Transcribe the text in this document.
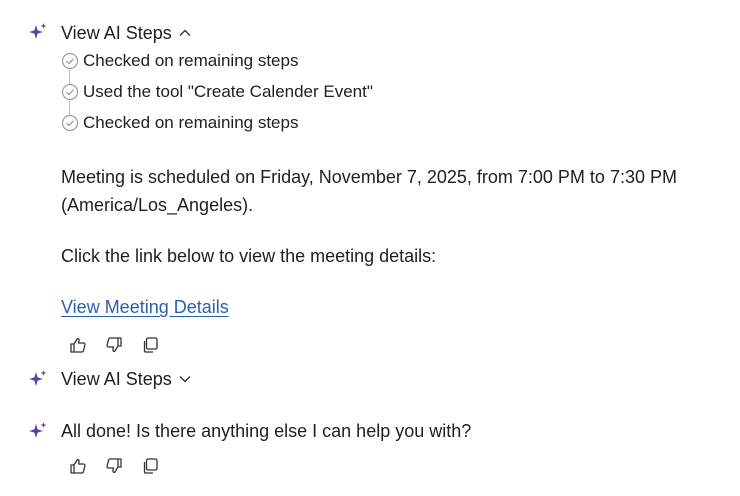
View AI Steps
Checked on remaining steps
Used the tool "Create Calender Event"
Checked on remaining steps
Meeting is scheduled on Friday, November 7, 2025, from 7:00 PM to 7:30 PM
(America/Los_Angeles).
Click the link below to view the meeting details:
View Meeting Details
View AI Steps
All done! Is there anything else I can help you with?
